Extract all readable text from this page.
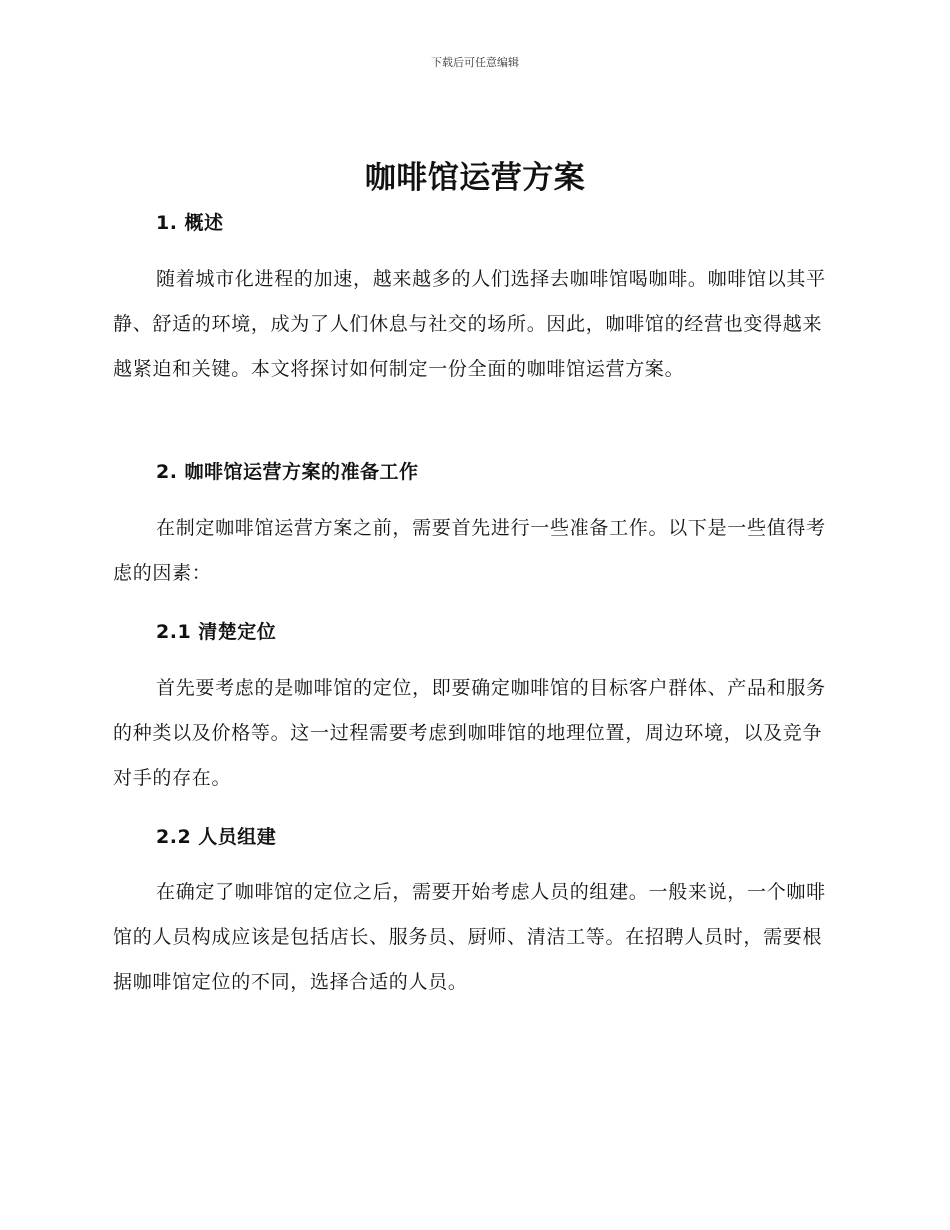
下载后可任意编辑
咖啡馆运营方案
1. 概述

随着城市化进程的加速，越来越多的人们选择去咖啡馆喝咖啡。咖啡馆以其平静、舒适的环境，成为了人们休息与社交的场所。因此，咖啡馆的经营也变得越来越紧迫和关键。本文将探讨如何制定一份全面的咖啡馆运营方案。

2. 咖啡馆运营方案的准备工作

在制定咖啡馆运营方案之前，需要首先进行一些准备工作。以下是一些值得考虑的因素：

2.1 清楚定位

首先要考虑的是咖啡馆的定位，即要确定咖啡馆的目标客户群体、产品和服务的种类以及价格等。这一过程需要考虑到咖啡馆的地理位置，周边环境，以及竞争对手的存在。

2.2 人员组建

在确定了咖啡馆的定位之后，需要开始考虑人员的组建。一般来说，一个咖啡馆的人员构成应该是包括店长、服务员、厨师、清洁工等。在招聘人员时，需要根据咖啡馆定位的不同，选择合适的人员。
